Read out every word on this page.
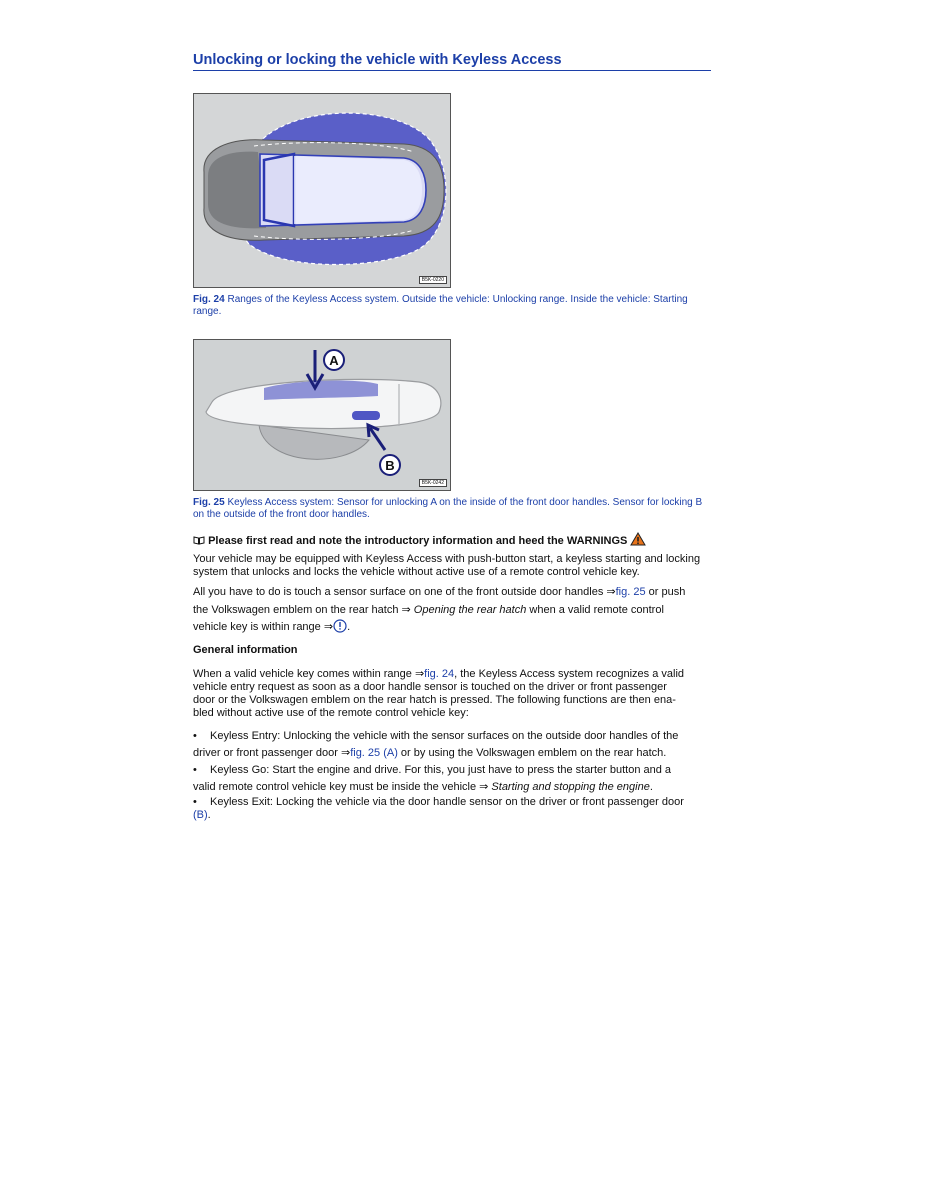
Unlocking or locking the vehicle with Keyless Access
B5K-0220
Fig. 24 Ranges of the Keyless Access system. Outside the vehicle: Unlocking range. Inside the vehicle: Starting range.
A
B
B5K-0242
Fig. 25 Keyless Access system: Sensor for unlocking A on the inside of the front door handles. Sensor for locking B on the outside of the front door handles.
Please first read and note the introductory information and heed the WARNINGS
Your vehicle may be equipped with Keyless Access with push-button start, a keyless starting and locking system that unlocks and locks the vehicle without active use of a remote control vehicle key.
All you have to do is touch a sensor surface on one of the front outside door handles ⇒fig. 25 or push
the Volkswagen emblem on the rear hatch ⇒ Opening the rear hatch when a valid remote control
vehicle key is within range ⇒ .
General information
When a valid vehicle key comes within range ⇒fig. 24, the Keyless Access system recognizes a valid
vehicle entry request as soon as a door handle sensor is touched on the driver or front passenger
door or the Volkswagen emblem on the rear hatch is pressed. The following functions are then ena-
bled without active use of the remote control vehicle key:
• Keyless Entry: Unlocking the vehicle with the sensor surfaces on the outside door handles of the
driver or front passenger door ⇒fig. 25 (A) or by using the Volkswagen emblem on the rear hatch.
• Keyless Go: Start the engine and drive. For this, you just have to press the starter button and a
valid remote control vehicle key must be inside the vehicle ⇒ Starting and stopping the engine.
• Keyless Exit: Locking the vehicle via the door handle sensor on the driver or front passenger door
(B).
